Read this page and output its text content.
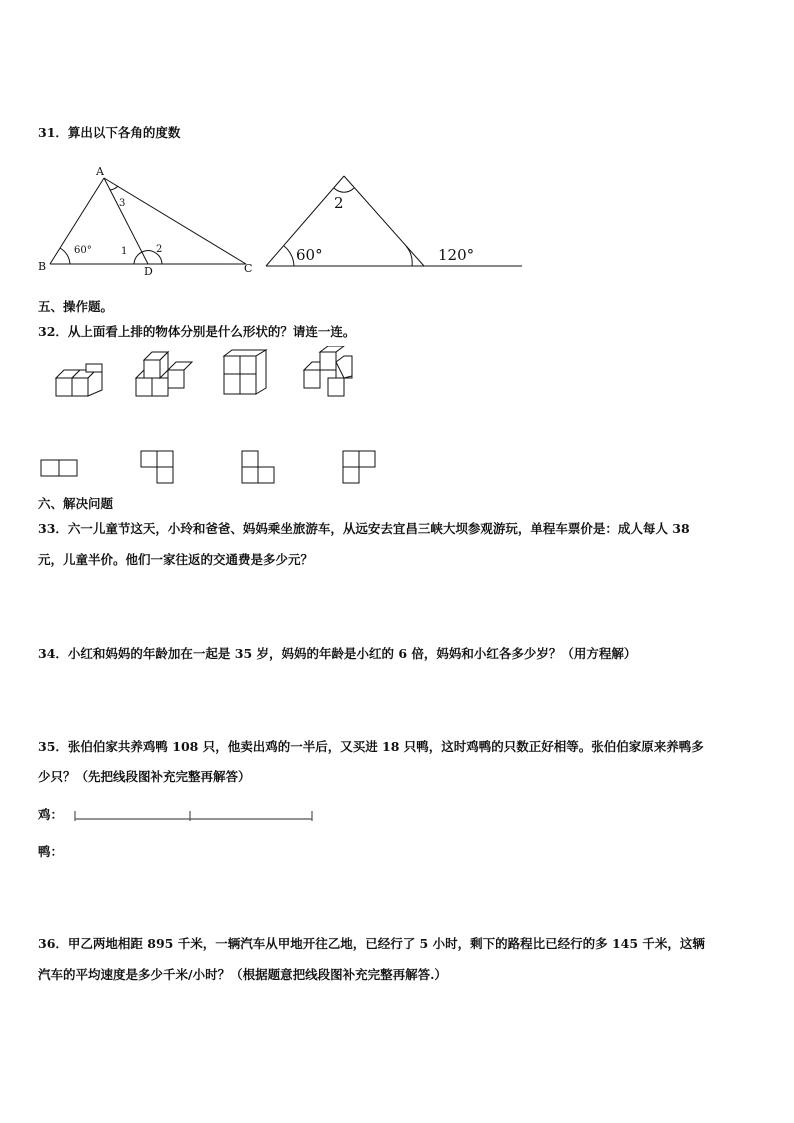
31．算出以下各角的度数
A
B	C
D
60°	1	2
3
60°	120°
2
五、操作题。
32．从上面看上排的物体分别是什么形状的？请连一连。
六、解决问题
33．六一儿童节这天，小玲和爸爸、妈妈乘坐旅游车，从远安去宜昌三峡大坝参观游玩，单程车票价是：成人每人 38
元，儿童半价。他们一家往返的交通费是多少元？
34．小红和妈妈的年龄加在一起是 35 岁，妈妈的年龄是小红的 6 倍，妈妈和小红各多少岁？（用方程解）
35．张伯伯家共养鸡鸭 108 只，他卖出鸡的一半后，又买进 18 只鸭，这时鸡鸭的只数正好相等。张伯伯家原来养鸭多
少只？（先把线段图补充完整再解答）
鸡：
鸭：
36．甲乙两地相距 895 千米，一辆汽车从甲地开往乙地，已经行了 5 小时，剩下的路程比已经行的多 145 千米，这辆
汽车的平均速度是多少千米/小时？（根据题意把线段图补充完整再解答.）
